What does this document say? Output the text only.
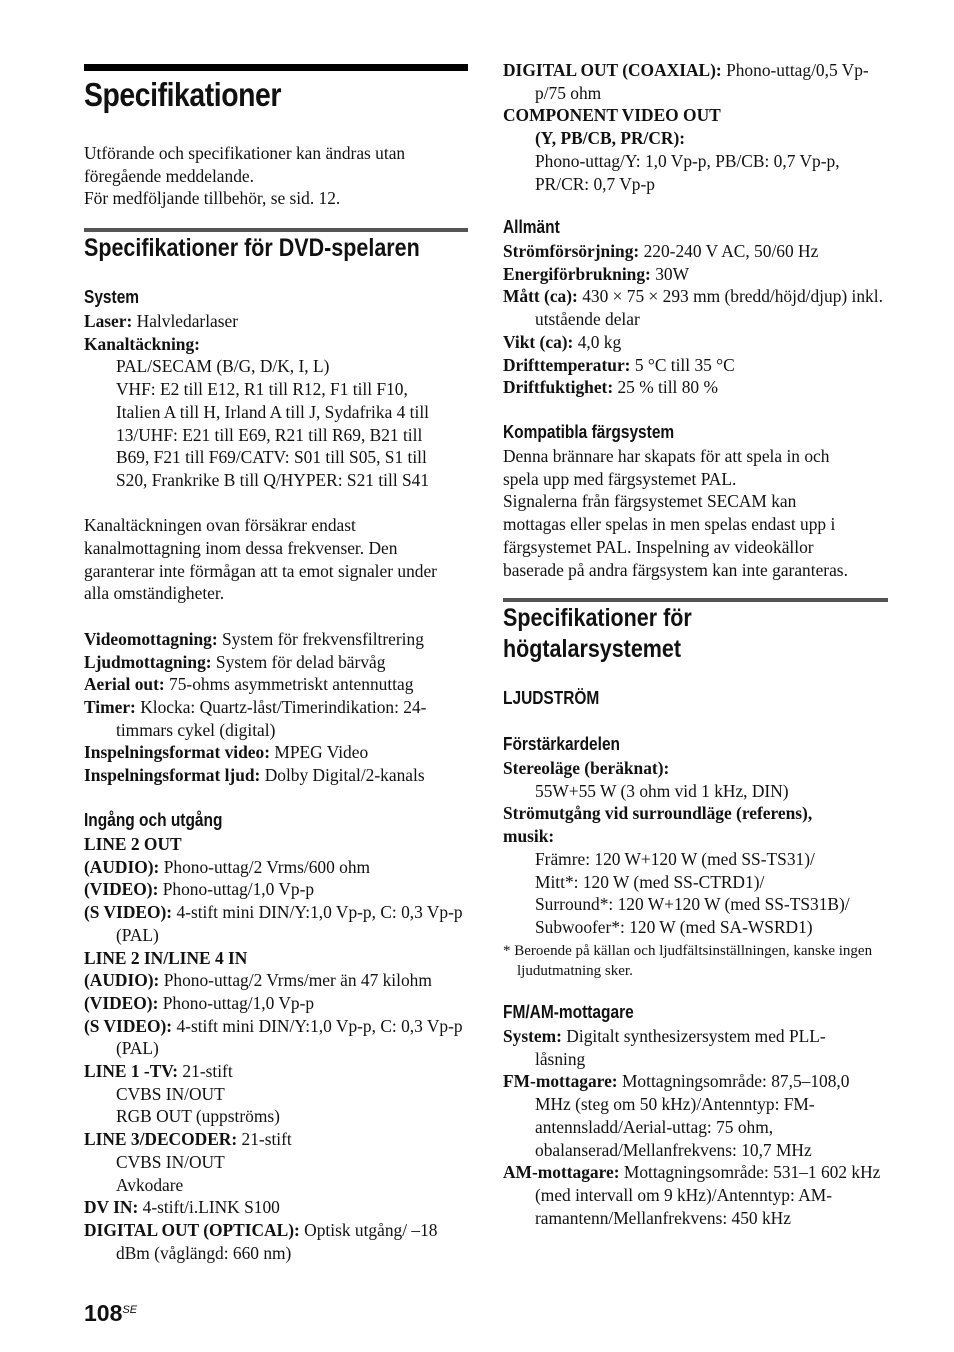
Specifikationer

Utförande och specifikationer kan ändras utan

föregående meddelande.

För medföljande tillbehör, se sid. 12.

Specifikationer för DVD-spelaren

System

Laser: Halvledarlaser

Kanaltäckning:

PAL/SECAM (B/G, D/K, I, L)

VHF: E2 till E12, R1 till R12, F1 till F10,

Italien A till H, Irland A till J, Sydafrika 4 till

13/UHF: E21 till E69, R21 till R69, B21 till

B69, F21 till F69/CATV: S01 till S05, S1 till

S20, Frankrike B till Q/HYPER: S21 till S41

Kanaltäckningen ovan försäkrar endast

kanalmottagning inom dessa frekvenser. Den

garanterar inte förmågan att ta emot signaler under

alla omständigheter.

Videomottagning: System för frekvensfiltrering

Ljudmottagning: System för delad bärvåg

Aerial out: 75-ohms asymmetriskt antennuttag

Timer: Klocka: Quartz-låst/Timerindikation: 24-timmars cykel (digital)

Inspelningsformat video: MPEG Video

Inspelningsformat ljud: Dolby Digital/2-kanals

Ingång och utgång

LINE 2 OUT

(AUDIO): Phono-uttag/2 Vrms/600 ohm

(VIDEO): Phono-uttag/1,0 Vp-p

(S VIDEO): 4-stift mini DIN/Y:1,0 Vp-p, C: 0,3 Vp-p (PAL)

LINE 2 IN/LINE 4 IN

(AUDIO): Phono-uttag/2 Vrms/mer än 47 kilohm

(VIDEO): Phono-uttag/1,0 Vp-p

(S VIDEO): 4-stift mini DIN/Y:1,0 Vp-p, C: 0,3 Vp-p (PAL)

LINE 1 -TV: 21-stift

CVBS IN/OUT

RGB OUT (uppströms)

LINE 3/DECODER: 21-stift

CVBS IN/OUT

Avkodare

DV IN: 4-stift/i.LINK S100

DIGITAL OUT (OPTICAL): Optisk utgång/ –18 dBm (våglängd: 660 nm)

DIGITAL OUT (COAXIAL): Phono-uttag/0,5 Vp-p/75 ohm

COMPONENT VIDEO OUT

(Y, PB/CB, PR/CR):

Phono-uttag/Y: 1,0 Vp-p, PB/CB: 0,7 Vp-p, PR/CR: 0,7 Vp-p

Allmänt

Strömförsörjning: 220-240 V AC, 50/60 Hz

Energiförbrukning: 30W

Mått (ca): 430 × 75 × 293 mm (bredd/höjd/djup) inkl. utstående delar

Vikt (ca): 4,0 kg

Drifttemperatur: 5 °C till 35 °C

Driftfuktighet: 25 % till 80 %

Kompatibla färgsystem

Denna brännare har skapats för att spela in och

spela upp med färgsystemet PAL.

Signalerna från färgsystemet SECAM kan

mottagas eller spelas in men spelas endast upp i

färgsystemet PAL. Inspelning av videokällor

baserade på andra färgsystem kan inte garanteras.

Specifikationer för

högtalarsystemet

LJUDSTRÖM

Förstärkardelen

Stereoläge (beräknat):

55W+55 W (3 ohm vid 1 kHz, DIN)

Strömutgång vid surroundläge (referens),

musik:

Främre: 120 W+120 W (med SS-TS31)/

Mitt*: 120 W (med SS-CTRD1)/

Surround*: 120 W+120 W (med SS-TS31B)/

Subwoofer*: 120 W (med SA-WSRD1)

* Beroende på källan och ljudfältsinställningen, kanske ingen ljudutmatning sker.

FM/AM-mottagare

System: Digitalt synthesizersystem med PLL-låsning

FM-mottagare: Mottagningsområde: 87,5–108,0 MHz (steg om 50 kHz)/Antenntyp: FM-antennsladd/Aerial-uttag: 75 ohm, obalanserad/Mellanfrekvens: 10,7 MHz

AM-mottagare: Mottagningsområde: 531–1 602 kHz (med intervall om 9 kHz)/Antenntyp: AM-ramantenn/Mellanfrekvens: 450 kHz

$108^{SE}$
